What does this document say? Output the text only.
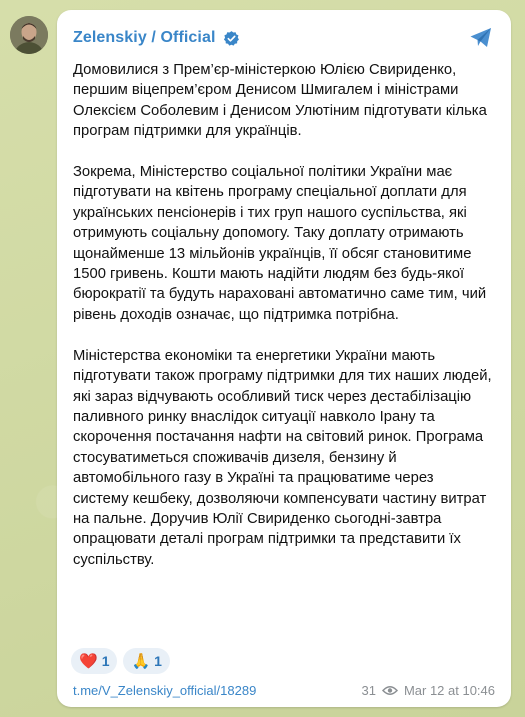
Zelenskiy / Official
Домовилися з Прем’єр-міністеркою Юлією Свириденко, першим віцепрем’єром Денисом Шмигалем і міністрами Олексієм Соболевим і Денисом Улютіним підготувати кілька програм підтримки для українців.

Зокрема, Міністерство соціальної політики України має підготувати на квітень програму спеціальної доплати для українських пенсіонерів і тих груп нашого суспільства, які отримують соціальну допомогу. Таку доплату отримають щонайменше 13 мільйонів українців, її обсяг становитиме 1500 гривень. Кошти мають надійти людям без будь-якої бюрократії та будуть нараховані автоматично саме тим, чий рівень доходів означає, що підтримка потрібна.

Міністерства економіки та енергетики України мають підготувати також програму підтримки для тих наших людей, які зараз відчувають особливий тиск через дестабілізацію паливного ринку внаслідок ситуації навколо Ірану та скорочення постачання нафти на світовий ринок. Програма стосуватиметься споживачів дизеля, бензину й автомобільного газу в Україні та працюватиме через систему кешбеку, дозволяючи компенсувати частину витрат на пальне. Доручив Юлії Свириденко сьогодні-завтра опрацювати деталі програм підтримки та представити їх суспільству.
❤️ 1 🙏 1
t.me/V_Zelenskiy_official/18289	31 Mar 12 at 10:46
